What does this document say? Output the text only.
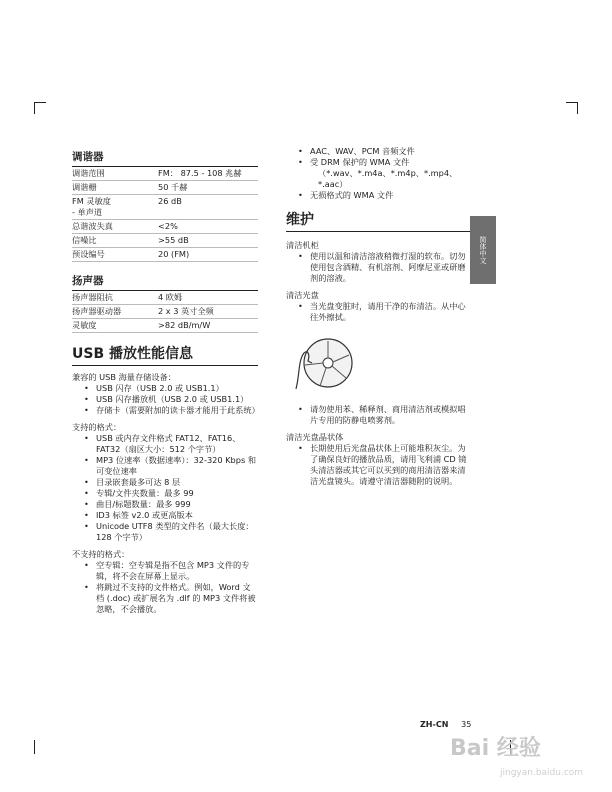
调谐器
调谐范围	FM： 87.5 - 108 兆赫
调谐栅	50 千赫
FM 灵敏度
- 单声道	26 dB
总谐波失真	<2%
信噪比	>55 dB
预设编号	20 (FM)
扬声器
扬声器阻抗	4 欧姆
扬声器驱动器	2 x 3 英寸全频
灵敏度	>82 dB/m/W
USB 播放性能信息
兼容的 USB 海量存储设备：
• USB 闪存（USB 2.0 或 USB1.1）
• USB 闪存播放机（USB 2.0 或 USB1.1）
• 存储卡（需要附加的读卡器才能用于此系统）
支持的格式：
• USB 或内存文件格式 FAT12、FAT16、FAT32（扇区大小：512 个字节）
• MP3 位速率（数据速率）：32-320 Kbps 和可变位速率
• 目录嵌套最多可达 8 层
• 专辑/文件夹数量：最多 99
• 曲目/标题数量：最多 999
• ID3 标签 v2.0 或更高版本
• Unicode UTF8 类型的文件名（最大长度：128 个字节）
不支持的格式：
• 空专辑：空专辑是指不包含 MP3 文件的专辑，将不会在屏幕上显示。
• 将跳过不支持的文件格式。例如，Word 文档 (.doc) 或扩展名为 .dlf 的 MP3 文件将被忽略，不会播放。
• AAC、WAV、PCM 音频文件
• 受 DRM 保护的 WMA 文件
（*.wav、*.m4a、*.m4p、*.mp4、*.aac）
• 无损格式的 WMA 文件
维护
清洁机柜
• 使用以温和清洁溶液稍微打湿的软布。切勿使用包含酒精、有机溶剂、阿摩尼亚或研磨剂的溶液。
清洁光盘
• 当光盘变脏时，请用干净的布清洁。从中心往外擦拭。
• 请勿使用苯、稀释剂、商用清洁剂或模拟唱片专用的防静电喷雾剂。
清洁光盘晶状体
• 长期使用后光盘晶状体上可能堆积灰尘。为了确保良好的播放品质，请用飞利浦 CD 镜头清洁器或其它可以买到的商用清洁器来清洁光盘镜头。请遵守清洁器随附的说明。
简体中文
ZH-CN 35
Bai 经验
jingyan.baidu.com
